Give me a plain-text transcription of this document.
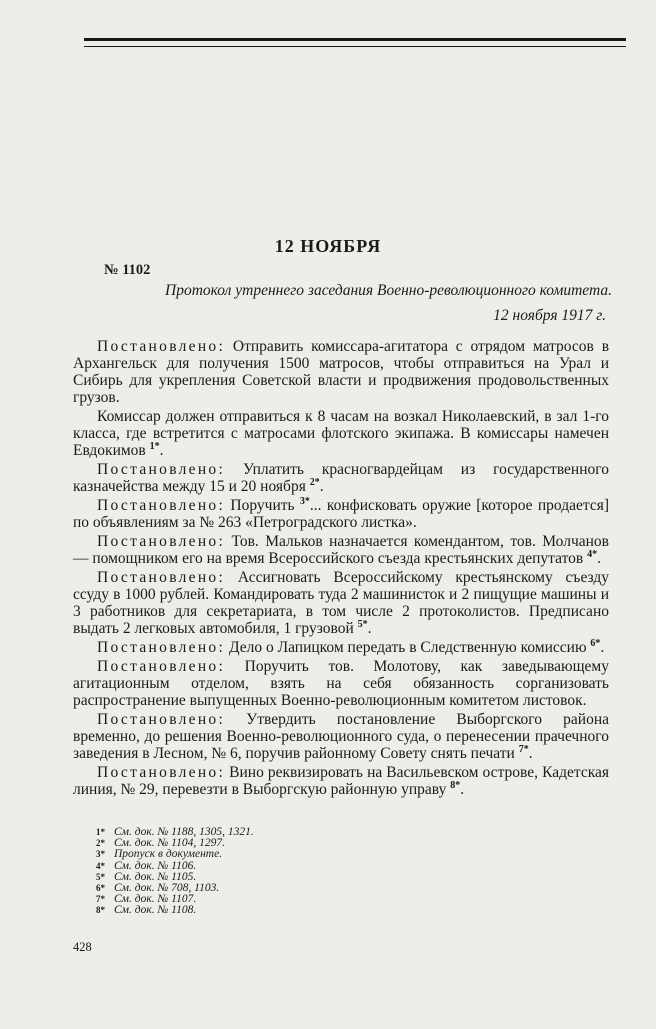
12 НОЯБРЯ
№ 1102
Протокол утреннего заседания Военно-революционного комитета.
12 ноября 1917 г.

Постановлено: Отправить комиссара-агитатора с отрядом матросов в Архангельск для получения 1500 матросов, чтобы отправиться на Урал и Сибирь для укрепления Советской власти и продвижения продовольственных грузов.

Комиссар должен отправиться к 8 часам на возкал Николаевский, в зал 1-го класса, где встретится с матросами флотского экипажа. В комиссары намечен Евдокимов $^{1*}$.

Постановлено: Уплатить красногвардейцам из государственного казначейства между 15 и 20 ноября $^{2*}$.

Постановлено: Поручить $^{3*}$... конфисковать оружие [которое продается] по объявлениям за № 263 «Петроградского листка».

Постановлено: Тов. Мальков назначается комендантом, тов. Молчанов — помощником его на время Всероссийского съезда крестьянских депутатов $^{4*}$.

Постановлено: Ассигновать Всероссийскому крестьянскому съезду ссуду в 1000 рублей. Командировать туда 2 машинисток и 2 пищущие машины и 3 работников для секретариата, в том числе 2 протоколистов. Предписано выдать 2 легковых автомобиля, 1 грузовой $^{5*}$.

Постановлено: Дело о Лапицком передать в Следственную комиссию $^{6*}$.

Постановлено: Поручить тов. Молотову, как заведывающему агитационным отделом, взять на себя обязанность сорганизовать распространение выпущенных Военно-революционным комитетом листовок.

Постановлено: Утвердить постановление Выборгского района временно, до решения Военно-революционного суда, о перенесении прачечного заведения в Лесном, № 6, поручив районному Совету снять печати $^{7*}$.

Постановлено: Вино реквизировать на Васильевском острове, Кадетская линия, № 29, перевезти в Выборгскую районную управу $^{8*}$.

1* См. док. № 1188, 1305, 1321.
2* См. док. № 1104, 1297.
3* Пропуск в документе.
4* См. док. № 1106.
5* См. док. № 1105.
6* См. док. № 708, 1103.
7* См. док. № 1107.
8* См. док. № 1108.
428
